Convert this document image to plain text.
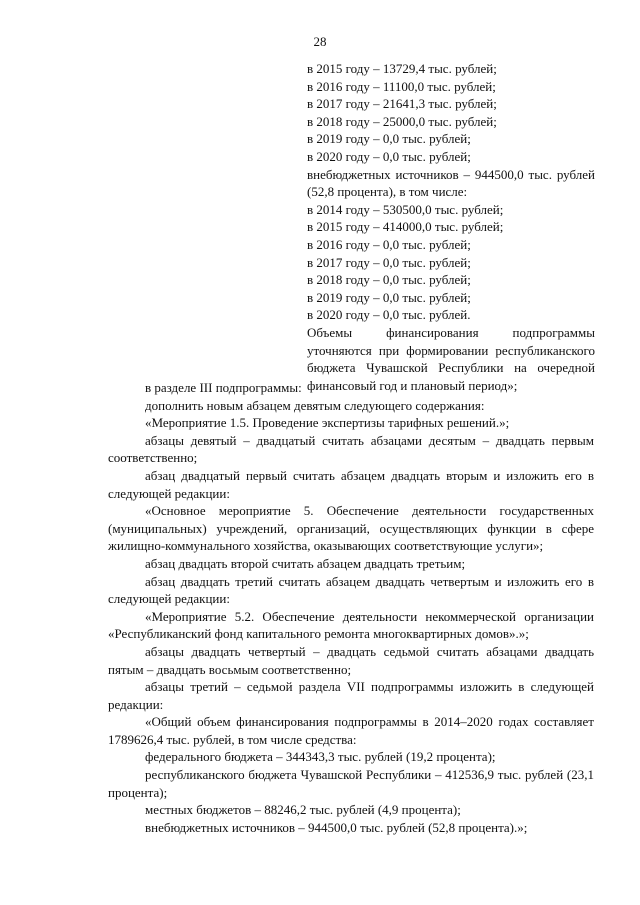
28
в 2015 году – 13729,4 тыс. рублей;
в 2016 году – 11100,0 тыс. рублей;
в 2017 году – 21641,3 тыс. рублей;
в 2018 году – 25000,0 тыс. рублей;
в 2019 году – 0,0 тыс. рублей;
в 2020 году – 0,0 тыс. рублей;
внебюджетных источников – 944500,0 тыс. рублей (52,8 процента), в том числе:
в 2014 году – 530500,0 тыс. рублей;
в 2015 году – 414000,0 тыс. рублей;
в 2016 году – 0,0 тыс. рублей;
в 2017 году – 0,0 тыс. рублей;
в 2018 году – 0,0 тыс. рублей;
в 2019 году – 0,0 тыс. рублей;
в 2020 году – 0,0 тыс. рублей.
Объемы финансирования подпрограммы уточняются при формировании республиканского бюджета Чувашской Республики на очередной финансовый год и плановый период»;

в разделе III подпрограммы:

дополнить новым абзацем девятым следующего содержания:

«Мероприятие 1.5. Проведение экспертизы тарифных решений.»;

абзацы девятый – двадцатый считать абзацами десятым – двадцать первым соответственно;

абзац двадцатый первый считать абзацем двадцать вторым и изложить его в следующей редакции:

«Основное мероприятие 5. Обеспечение деятельности государственных (муниципальных) учреждений, организаций, осуществляющих функции в сфере жилищно-коммунального хозяйства, оказывающих соответствующие услуги»;

абзац двадцать второй считать абзацем двадцать третьим;

абзац двадцать третий считать абзацем двадцать четвертым и изложить его в следующей редакции:

«Мероприятие 5.2. Обеспечение деятельности некоммерческой организации «Республиканский фонд капитального ремонта многоквартирных домов».»;

абзацы двадцать четвертый – двадцать седьмой считать абзацами двадцать пятым – двадцать восьмым соответственно;

абзацы третий – седьмой раздела VII подпрограммы изложить в следующей редакции:

«Общий объем финансирования подпрограммы в 2014–2020 годах составляет 1789626,4 тыс. рублей, в том числе средства:

федерального бюджета – 344343,3 тыс. рублей (19,2 процента);

республиканского бюджета Чувашской Республики – 412536,9 тыс. рублей (23,1 процента);

местных бюджетов – 88246,2 тыс. рублей (4,9 процента);

внебюджетных источников – 944500,0 тыс. рублей (52,8 процента).»;
